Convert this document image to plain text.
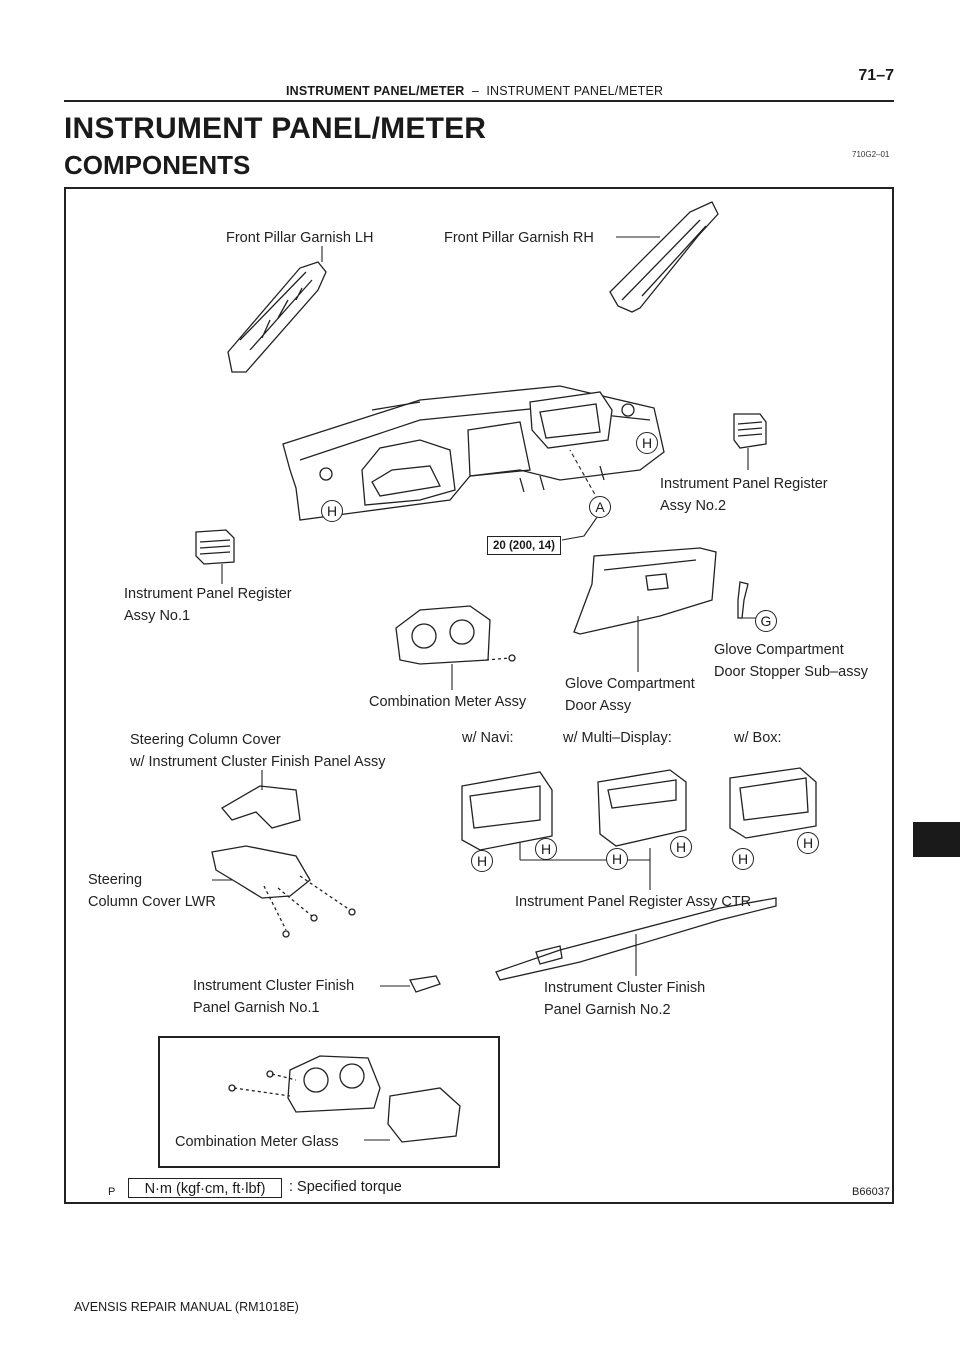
INSTRUMENT PANEL/METER – INSTRUMENT PANEL/METER
71–7
INSTRUMENT PANEL/METER
COMPONENTS	710G2–01
Front Pillar Garnish LH	Front Pillar Garnish RH
Instrument Panel Register
Assy No.2
20 (200, 14)
Instrument Panel Register
Assy No.1
Combination Meter Assy
Glove Compartment
Door Assy
Glove Compartment
Door Stopper Sub–assy
Steering Column Cover
w/ Instrument Cluster Finish Panel Assy
w/ Navi:	w/ Multi–Display:	w/ Box:
Steering
Column Cover LWR	Instrument Panel Register Assy CTR
Instrument Cluster Finish
Panel Garnish No.1
Instrument Cluster Finish
Panel Garnish No.2
Combination Meter Glass
H
H	A
G
H
H
H
H
H
H
P	N·m (kgf·cm, ft·lbf)	: Specified torque	B66037
AVENSIS REPAIR MANUAL (RM1018E)
